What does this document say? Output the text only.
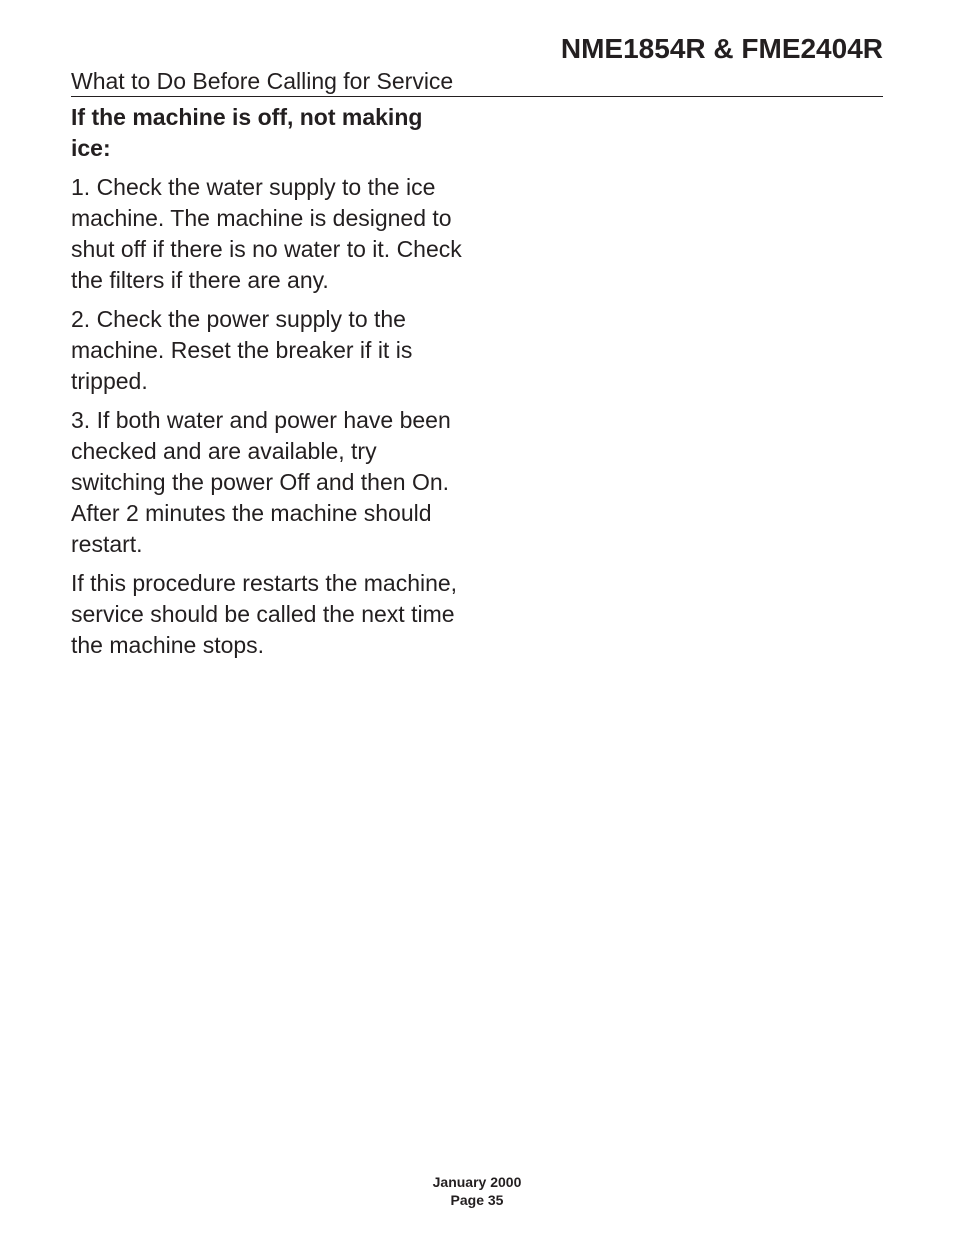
NME1854R & FME2404R
What to Do Before Calling for Service

If the machine is off, not making ice:

1. Check the water supply to the ice machine. The machine is designed to shut off if there is no water to it. Check the filters if there are any.

2. Check the power supply to the machine. Reset the breaker if it is tripped.

3. If both water and power have been checked and are available, try switching the power Off and then On. After 2 minutes the machine should restart.

If this procedure restarts the machine, service should be called the next time the machine stops.

January 2000
Page 35
